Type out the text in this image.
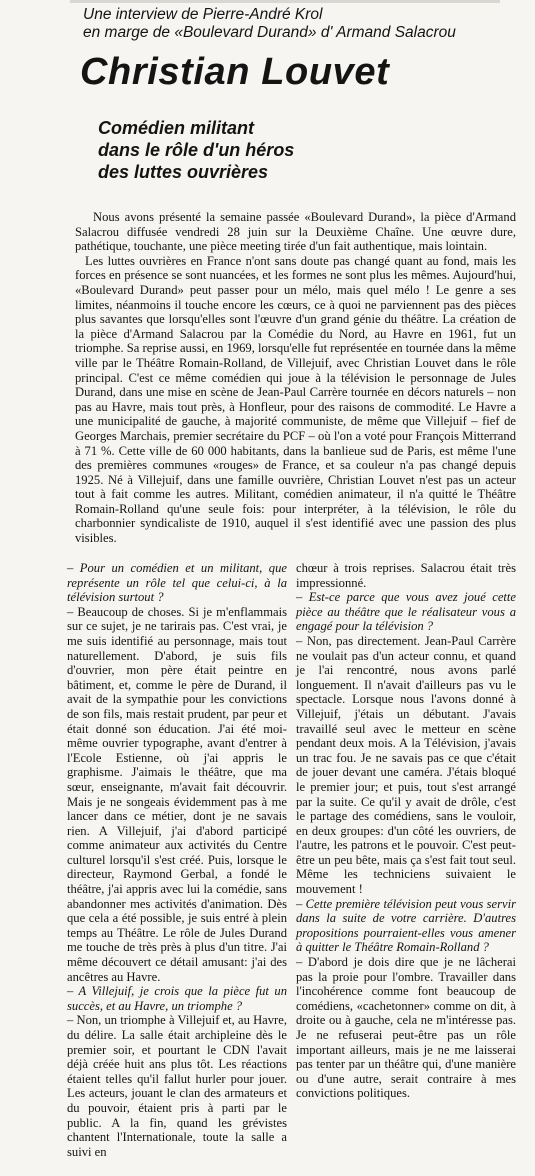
Une interview de Pierre-André Krol
en marge de «Boulevard Durand» d' Armand Salacrou

Christian Louvet
Comédien militant
dans le rôle d'un héros
des luttes ouvrières

Nous avons présenté la semaine passée «Boulevard Durand», la pièce d'Armand Salacrou diffusée vendredi 28 juin sur la Deuxième Chaîne. Une œuvre dure, pathétique, touchante, une pièce meeting tirée d'un fait authentique, mais lointain.

Les luttes ouvrières en France n'ont sans doute pas changé quant au fond, mais les forces en présence se sont nuancées, et les formes ne sont plus les mêmes. Aujourd'hui, «Boulevard Durand» peut passer pour un mélo, mais quel mélo ! Le genre a ses limites, néanmoins il touche encore les cœurs, ce à quoi ne parviennent pas des pièces plus savantes que lorsqu'elles sont l'œuvre d'un grand génie du théâtre. La création de la pièce d'Armand Salacrou par la Comédie du Nord, au Havre en 1961, fut un triomphe. Sa reprise aussi, en 1969, lorsqu'elle fut représentée en tournée dans la même ville par le Théâtre Romain-Rolland, de Villejuif, avec Christian Louvet dans le rôle principal. C'est ce même comédien qui joue à la télévision le personnage de Jules Durand, dans une mise en scène de Jean-Paul Carrère tournée en décors naturels – non pas au Havre, mais tout près, à Honfleur, pour des raisons de commodité. Le Havre a une municipalité de gauche, à majorité communiste, de même que Villejuif – fief de Georges Marchais, premier secrétaire du PCF – où l'on a voté pour François Mitterrand à 71 %. Cette ville de 60 000 habitants, dans la banlieue sud de Paris, est même l'une des premières communes «rouges» de France, et sa couleur n'a pas changé depuis 1925. Né à Villejuif, dans une famille ouvrière, Christian Louvet n'est pas un acteur tout à fait comme les autres. Militant, comédien animateur, il n'a quitté le Théâtre Romain-Rolland qu'une seule fois: pour interpréter, à la télévision, le rôle du charbonnier syndicaliste de 1910, auquel il s'est identifié avec une passion des plus visibles.

– Pour un comédien et un militant, que représente un rôle tel que celui-ci, à la télévision surtout ?

– Beaucoup de choses. Si je m'enflammais sur ce sujet, je ne tarirais pas. C'est vrai, je me suis identifié au personnage, mais tout naturellement. D'abord, je suis fils d'ouvrier, mon père était peintre en bâtiment, et, comme le père de Durand, il avait de la sympathie pour les convictions de son fils, mais restait prudent, par peur et était donné son éducation. J'ai été moi-même ouvrier typographe, avant d'entrer à l'Ecole Estienne, où j'ai appris le graphisme. J'aimais le théâtre, que ma sœur, enseignante, m'avait fait découvrir. Mais je ne songeais évidemment pas à me lancer dans ce métier, dont je ne savais rien. A Villejuif, j'ai d'abord participé comme animateur aux activités du Centre culturel lorsqu'il s'est créé. Puis, lorsque le directeur, Raymond Gerbal, a fondé le théâtre, j'ai appris avec lui la comédie, sans abandonner mes activités d'animation. Dès que cela a été possible, je suis entré à plein temps au Théâtre. Le rôle de Jules Durand me touche de très près à plus d'un titre. J'ai même découvert ce détail amusant: j'ai des ancêtres au Havre.

– A Villejuif, je crois que la pièce fut un succès, et au Havre, un triomphe ?

– Non, un triomphe à Villejuif et, au Havre, du délire. La salle était archipleine dès le premier soir, et pourtant le CDN l'avait déjà créée huit ans plus tôt. Les réactions étaient telles qu'il fallut hurler pour jouer. Les acteurs, jouant le clan des armateurs et du pouvoir, étaient pris à parti par le public. A la fin, quand les grévistes chantent l'Internationale, toute la salle a suivi en

chœur à trois reprises. Salacrou était très impressionné.

– Est-ce parce que vous avez joué cette pièce au théâtre que le réalisateur vous a engagé pour la télévision ?

– Non, pas directement. Jean-Paul Carrère ne voulait pas d'un acteur connu, et quand je l'ai rencontré, nous avons parlé longuement. Il n'avait d'ailleurs pas vu le spectacle. Lorsque nous l'avons donné à Villejuif, j'étais un débutant. J'avais travaillé seul avec le metteur en scène pendant deux mois. A la Télévision, j'avais un trac fou. Je ne savais pas ce que c'était de jouer devant une caméra. J'étais bloqué le premier jour; et puis, tout s'est arrangé par la suite. Ce qu'il y avait de drôle, c'est le partage des comédiens, sans le vouloir, en deux groupes: d'un côté les ouvriers, de l'autre, les patrons et le pouvoir. C'est peut-être un peu bête, mais ça s'est fait tout seul. Même les techniciens suivaient le mouvement !

– Cette première télévision peut vous servir dans la suite de votre carrière. D'autres propositions pourraient-elles vous amener à quitter le Théâtre Romain-Rolland ?

– D'abord je dois dire que je ne lâcherai pas la proie pour l'ombre. Travailler dans l'incohérence comme font beaucoup de comédiens, «cachetonner» comme on dit, à droite ou à gauche, cela ne m'intéresse pas. Je ne refuserai peut-être pas un rôle important ailleurs, mais je ne me laisserai pas tenter par un théâtre qui, d'une manière ou d'une autre, serait contraire à mes convictions politiques.
